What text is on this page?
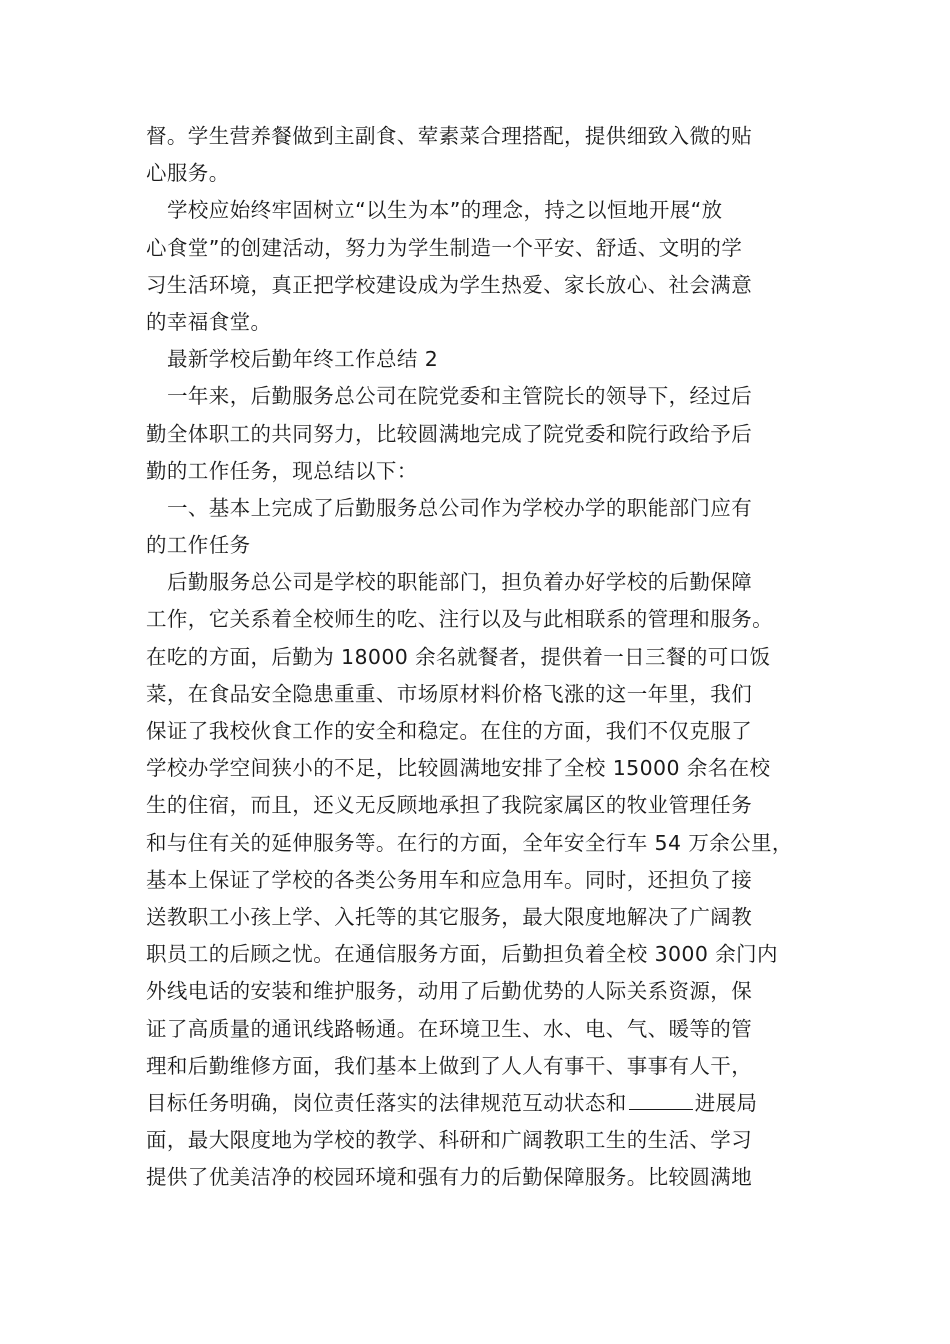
督。学生营养餐做到主副食、荤素菜合理搭配，提供细致入微的贴
心服务。
学校应始终牢固树立“以生为本”的理念，持之以恒地开展“放
心食堂”的创建活动，努力为学生制造一个平安、舒适、文明的学
习生活环境，真正把学校建设成为学生热爱、家长放心、社会满意
的幸福食堂。
最新学校后勤年终工作总结 2
一年来，后勤服务总公司在院党委和主管院长的领导下，经过后
勤全体职工的共同努力，比较圆满地完成了院党委和院行政给予后
勤的工作任务，现总结以下：
一、基本上完成了后勤服务总公司作为学校办学的职能部门应有
的工作任务
后勤服务总公司是学校的职能部门，担负着办好学校的后勤保障
工作，它关系着全校师生的吃、注行以及与此相联系的管理和服务。
在吃的方面，后勤为 18000 余名就餐者，提供着一日三餐的可口饭
菜，在食品安全隐患重重、市场原材料价格飞涨的这一年里，我们
保证了我校伙食工作的安全和稳定。在住的方面，我们不仅克服了
学校办学空间狭小的不足，比较圆满地安排了全校 15000 余名在校
生的住宿，而且，还义无反顾地承担了我院家属区的牧业管理任务
和与住有关的延伸服务等。在行的方面，全年安全行车 54 万余公里，
基本上保证了学校的各类公务用车和应急用车。同时，还担负了接
送教职工小孩上学、入托等的其它服务，最大限度地解决了广阔教
职员工的后顾之忧。在通信服务方面，后勤担负着全校 3000 余门内
外线电话的安装和维护服务，动用了后勤优势的人际关系资源，保
证了高质量的通讯线路畅通。在环境卫生、水、电、气、暖等的管
理和后勤维修方面，我们基本上做到了人人有事干、事事有人干，
目标任务明确，岗位责任落实的法律规范互动状态和	进展局
面，最大限度地为学校的教学、科研和广阔教职工生的生活、学习
提供了优美洁净的校园环境和强有力的后勤保障服务。比较圆满地
